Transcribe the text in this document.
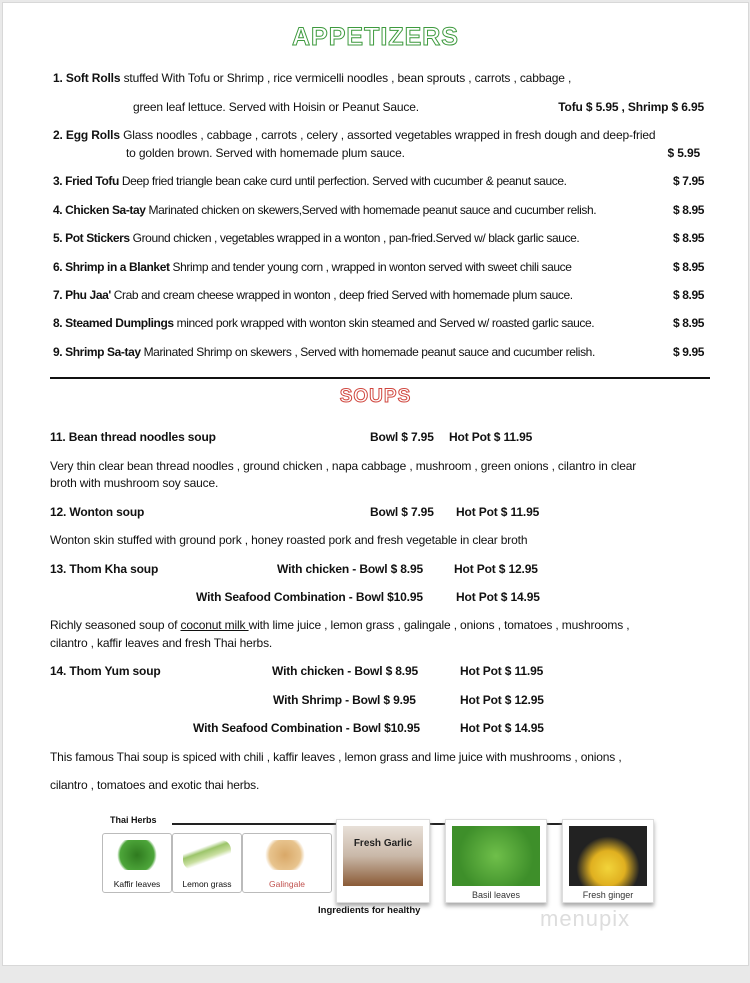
APPETIZERS
1. Soft Rolls stuffed With Tofu or Shrimp , rice vermicelli noodles , bean sprouts , carrots , cabbage ,
green leaf lettuce. Served with Hoisin or Peanut Sauce.	Tofu $ 5.95 , Shrimp $ 6.95
2. Egg Rolls Glass noodles , cabbage , carrots , celery , assorted vegetables wrapped in fresh dough and deep-fried
to golden brown. Served with homemade plum sauce.	$ 5.95
3. Fried Tofu Deep fried triangle bean cake curd until perfection. Served with cucumber & peanut sauce.	$ 7.95
4. Chicken Sa-tay Marinated chicken on skewers,Served with homemade peanut sauce and cucumber relish.	$ 8.95
5. Pot Stickers Ground chicken , vegetables wrapped in a wonton , pan-fried.Served w/ black garlic sauce.	$ 8.95
6. Shrimp in a Blanket Shrimp and tender young corn , wrapped in wonton served with sweet chili sauce	$ 8.95
7. Phu Jaa' Crab and cream cheese wrapped in wonton , deep fried Served with homemade plum sauce.	$ 8.95
8. Steamed Dumplings minced pork wrapped with wonton skin steamed and Served w/ roasted garlic sauce.	$ 8.95
9. Shrimp Sa-tay Marinated Shrimp on skewers , Served with homemade peanut sauce and cucumber relish.	$ 9.95
SOUPS
11. Bean thread noodles soup	Bowl $ 7.95 Hot Pot $ 11.95
Very thin clear bean thread noodles , ground chicken , napa cabbage , mushroom , green onions , cilantro in clear
broth with mushroom soy sauce.
12. Wonton soup	Bowl $ 7.95 Hot Pot $ 11.95
Wonton skin stuffed with ground pork , honey roasted pork and fresh vegetable in clear broth
13. Thom Kha soup	With chicken - Bowl $ 8.95	Hot Pot $ 12.95
With Seafood Combination - Bowl $10.95	Hot Pot $ 14.95
Richly seasoned soup of coconut milk with lime juice , lemon grass , galingale , onions , tomatoes , mushrooms ,
cilantro , kaffir leaves and fresh Thai herbs.
14. Thom Yum soup	With chicken - Bowl $ 8.95	Hot Pot $ 11.95
With Shrimp - Bowl $ 9.95	Hot Pot $ 12.95
With Seafood Combination - Bowl $10.95	Hot Pot $ 14.95
This famous Thai soup is spiced with chili , kaffir leaves , lemon grass and lime juice with mushrooms , onions ,
cilantro , tomatoes and exotic thai herbs.
Thai Herbs
Kaffir leaves	Lemon grass	Galingale
Fresh Garlic
Basil leaves	Fresh ginger
Ingredients for healthy	menupix
